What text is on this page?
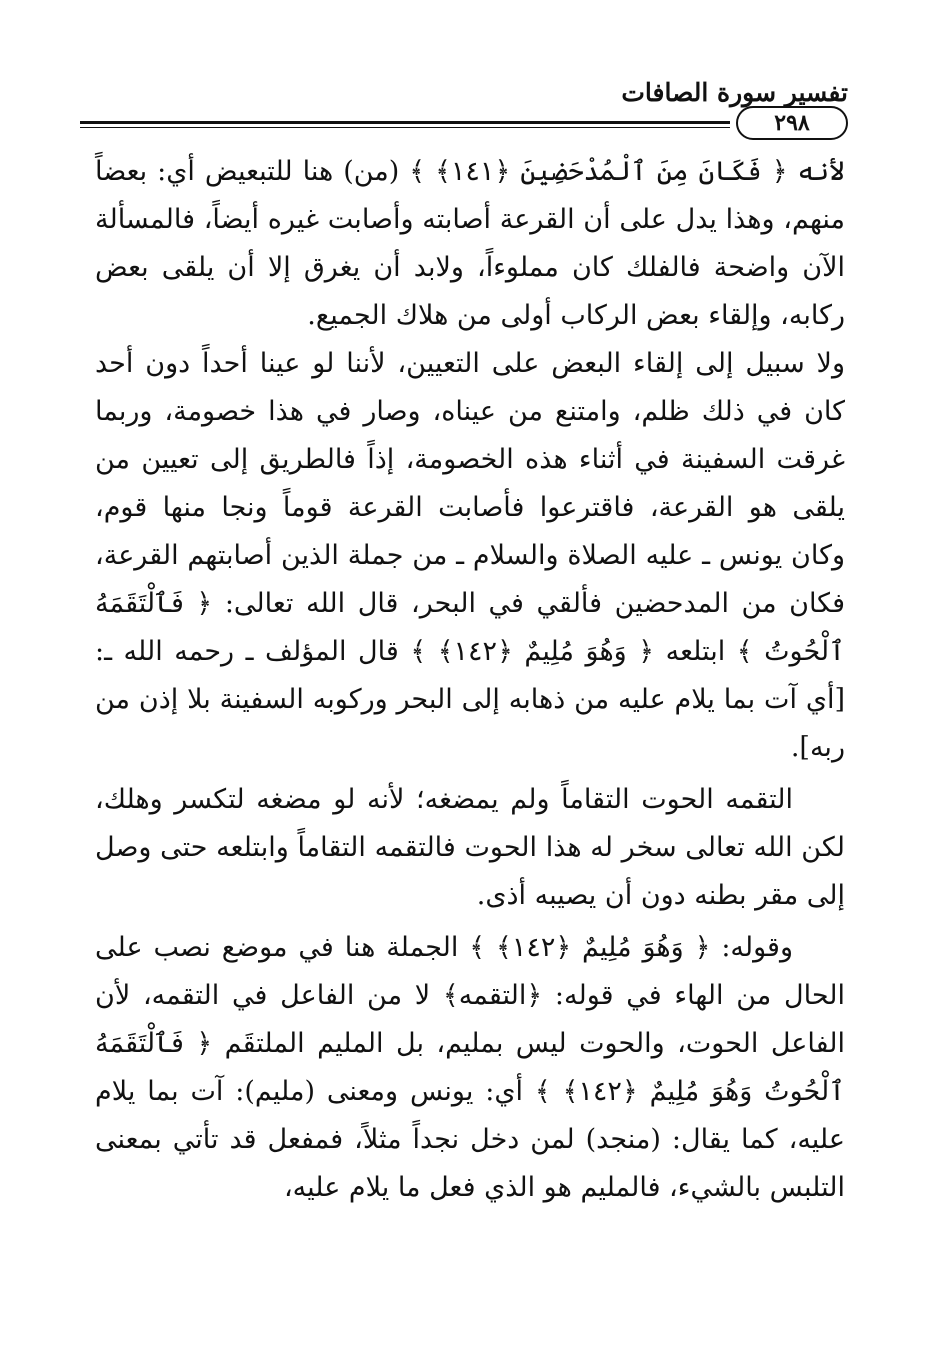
تفسير سورة الصافات
٢٩٨

لأنه ﴿ فَكَانَ مِنَ ٱلْمُدْحَضِينَ ﴿١٤١﴾ ﴾ (من) هنا للتبعيض أي: بعضاً منهم، وهذا يدل على أن القرعة أصابته وأصابت غيره أيضاً، فالمسألة الآن واضحة فالفلك كان مملوءاً، ولابد أن يغرق إلا أن يلقى بعض ركابه، وإلقاء بعض الركاب أولى من هلاك الجميع.

ولا سبيل إلى إلقاء البعض على التعيين، لأننا لو عينا أحداً دون أحد كان في ذلك ظلم، وامتنع من عيناه، وصار في هذا خصومة، وربما غرقت السفينة في أثناء هذه الخصومة، إذاً فالطريق إلى تعيين من يلقى هو القرعة، فاقترعوا فأصابت القرعة قوماً ونجا منها قوم، وكان يونس ـ عليه الصلاة والسلام ـ من جملة الذين أصابتهم القرعة، فكان من المدحضين فألقي في البحر، قال الله تعالى: ﴿ فَٱلْتَقَمَهُ ٱلْحُوتُ ﴾ ابتلعه ﴿ وَهُوَ مُلِيمٌ ﴿١٤٢﴾ ﴾ قال المؤلف ـ رحمه الله ـ: [أي آت بما يلام عليه من ذهابه إلى البحر وركوبه السفينة بلا إذن من ربه].

التقمه الحوت التقاماً ولم يمضغه؛ لأنه لو مضغه لتكسر وهلك، لكن الله تعالى سخر له هذا الحوت فالتقمه التقاماً وابتلعه حتى وصل إلى مقر بطنه دون أن يصيبه أذى.

وقوله: ﴿ وَهُوَ مُلِيمٌ ﴿١٤٢﴾ ﴾ الجملة هنا في موضع نصب على الحال من الهاء في قوله: ﴿التقمه﴾ لا من الفاعل في التقمه، لأن الفاعل الحوت، والحوت ليس بمليم، بل المليم الملتقَم ﴿ فَٱلْتَقَمَهُ ٱلْحُوتُ وَهُوَ مُلِيمٌ ﴿١٤٢﴾ ﴾ أي: يونس ومعنى (مليم): آت بما يلام عليه، كما يقال: (منجد) لمن دخل نجداً مثلاً، فمفعل قد تأتي بمعنى التلبس بالشيء، فالمليم هو الذي فعل ما يلام عليه،
